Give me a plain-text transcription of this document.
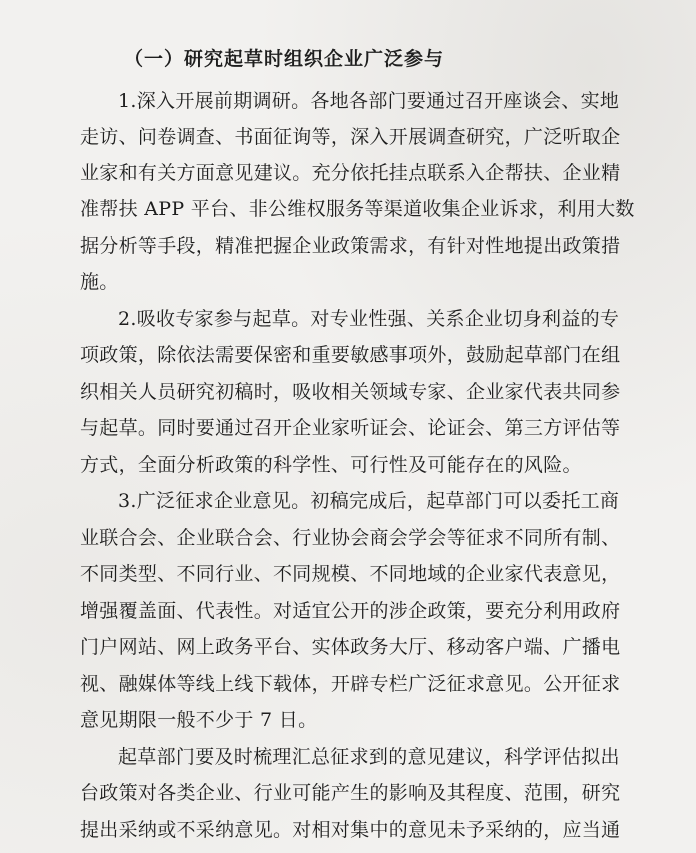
（一）研究起草时组织企业广泛参与
1.深入开展前期调研。各地各部门要通过召开座谈会、实地
走访、问卷调查、书面征询等，深入开展调查研究，广泛听取企
业家和有关方面意见建议。充分依托挂点联系入企帮扶、企业精
准帮扶 APP 平台、非公维权服务等渠道收集企业诉求，利用大数
据分析等手段，精准把握企业政策需求，有针对性地提出政策措
施。
2.吸收专家参与起草。对专业性强、关系企业切身利益的专
项政策，除依法需要保密和重要敏感事项外，鼓励起草部门在组
织相关人员研究初稿时，吸收相关领域专家、企业家代表共同参
与起草。同时要通过召开企业家听证会、论证会、第三方评估等
方式，全面分析政策的科学性、可行性及可能存在的风险。
3.广泛征求企业意见。初稿完成后，起草部门可以委托工商
业联合会、企业联合会、行业协会商会学会等征求不同所有制、
不同类型、不同行业、不同规模、不同地域的企业家代表意见，
增强覆盖面、代表性。对适宜公开的涉企政策，要充分利用政府
门户网站、网上政务平台、实体政务大厅、移动客户端、广播电
视、融媒体等线上线下载体，开辟专栏广泛征求意见。公开征求
意见期限一般不少于 7 日。
起草部门要及时梳理汇总征求到的意见建议，科学评估拟出
台政策对各类企业、行业可能产生的影响及其程度、范围，研究
提出采纳或不采纳意见。对相对集中的意见未予采纳的，应当通
